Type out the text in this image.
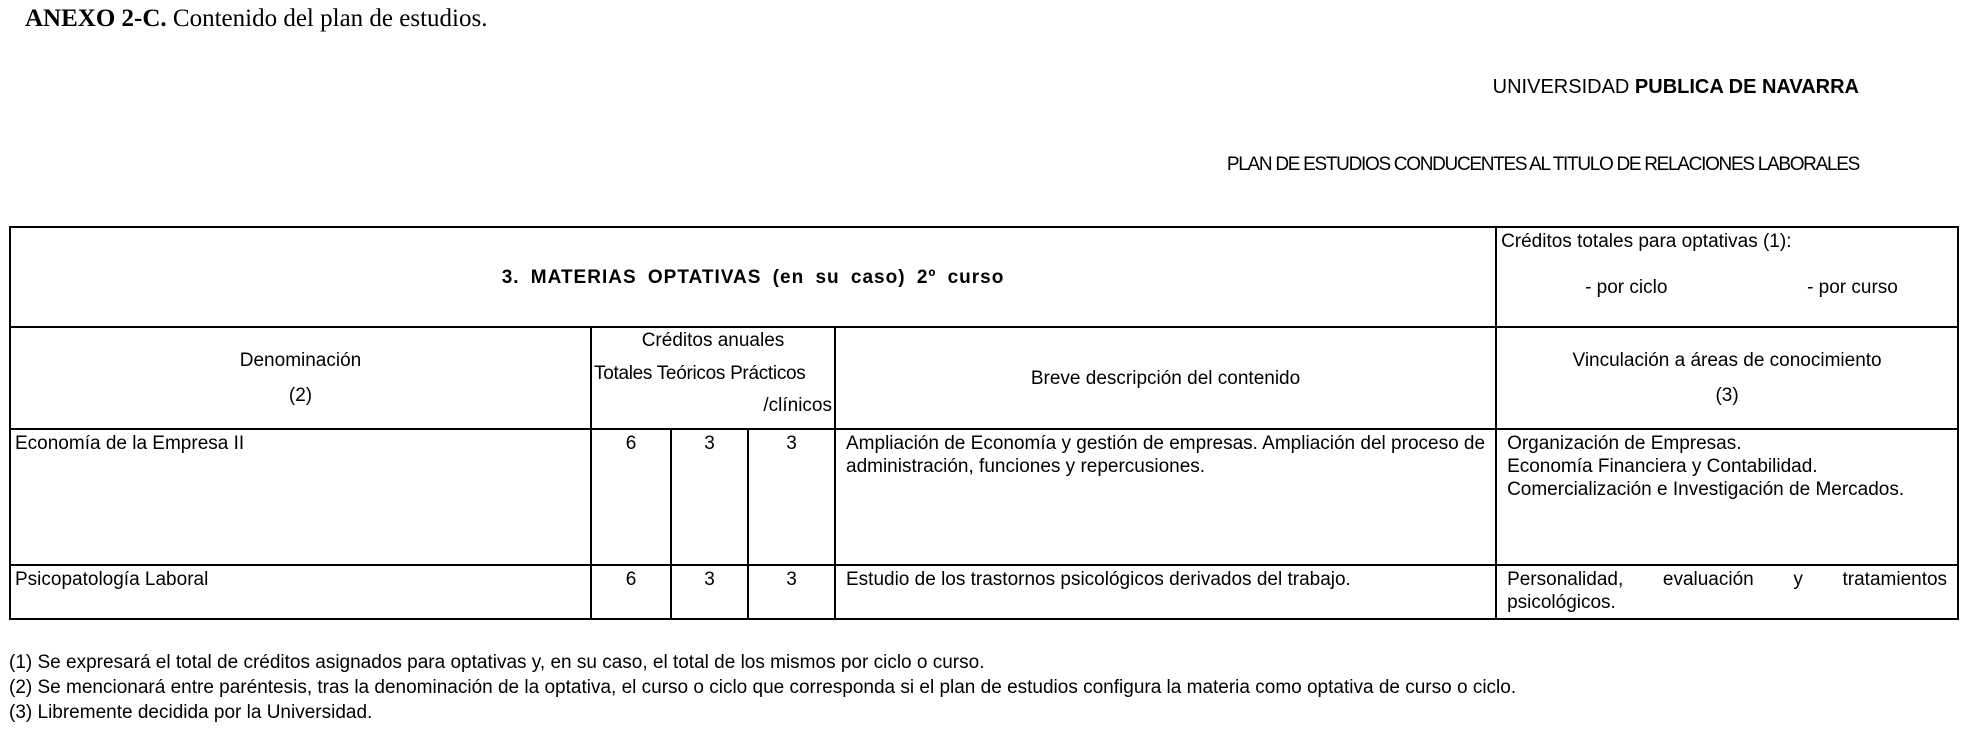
ANEXO 2-C. Contenido del plan de estudios.
UNIVERSIDAD PUBLICA DE NAVARRA
PLAN DE ESTUDIOS CONDUCENTES AL TITULO DE RELACIONES LABORALES
3. MATERIAS OPTATIVAS (en su caso) 2º curso					Créditos totales para optativas (1):
- por ciclo - por curso

Denominación
(2)	Créditos anuales
Totales Teóricos Prácticos
/clínicos			Breve descripción del contenido	Vinculación a áreas de conocimiento
(3)

Economía de la Empresa II	6	3	3	Ampliación de Economía y gestión de empresas. Ampliación del proceso de administración, funciones y repercusiones.	Organización de Empresas.
Economía Financiera y Contabilidad.
Comercialización e Investigación de Mercados.

Psicopatología Laboral	6	3	3	Estudio de los trastornos psicológicos derivados del trabajo.	Personalidad, evaluación y tratamientos psicológicos.
(1) Se expresará el total de créditos asignados para optativas y, en su caso, el total de los mismos por ciclo o curso.
(2) Se mencionará entre paréntesis, tras la denominación de la optativa, el curso o ciclo que corresponda si el plan de estudios configura la materia como optativa de curso o ciclo.
(3) Libremente decidida por la Universidad.
